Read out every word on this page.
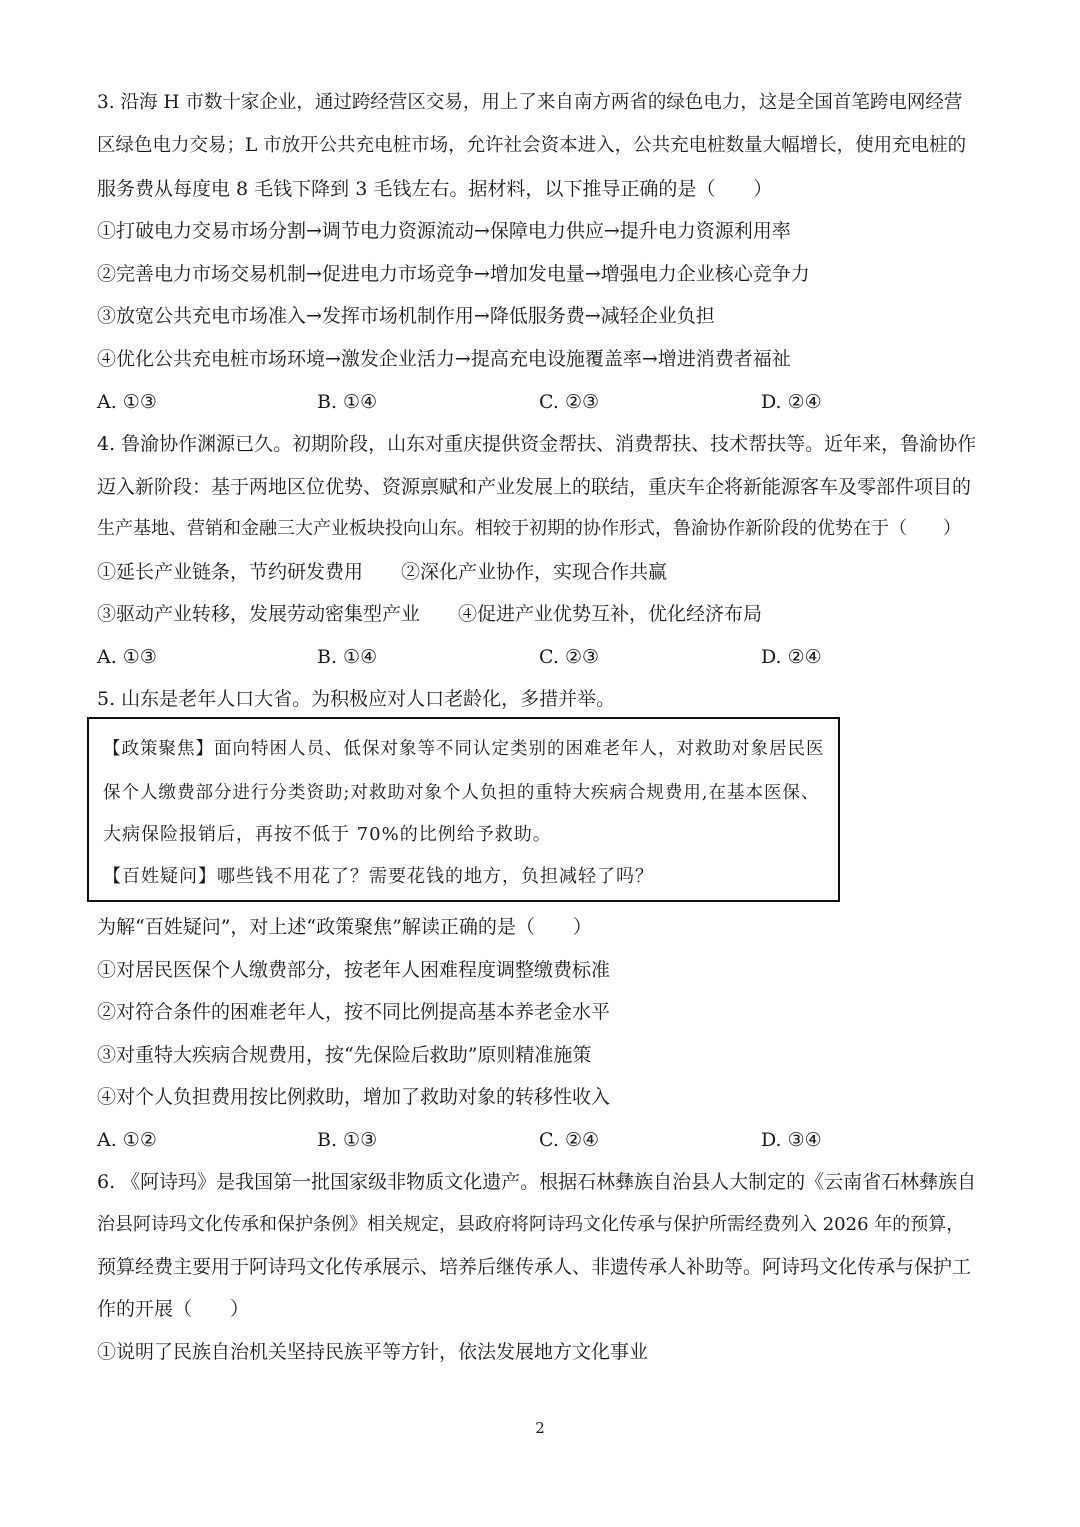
3. 沿海 H 市数十家企业，通过跨经营区交易，用上了来自南方两省的绿色电力，这是全国首笔跨电网经营
区绿色电力交易；L 市放开公共充电桩市场，允许社会资本进入，公共充电桩数量大幅增长，使用充电桩的
服务费从每度电 8 毛钱下降到 3 毛钱左右。据材料，以下推导正确的是（　　）
①打破电力交易市场分割→调节电力资源流动→保障电力供应→提升电力资源利用率
②完善电力市场交易机制→促进电力市场竞争→增加发电量→增强电力企业核心竞争力
③放宽公共充电市场准入→发挥市场机制作用→降低服务费→减轻企业负担
④优化公共充电桩市场环境→激发企业活力→提高充电设施覆盖率→增进消费者福祉
A. ①③	B. ①④	C. ②③	D. ②④
4. 鲁渝协作渊源已久。初期阶段，山东对重庆提供资金帮扶、消费帮扶、技术帮扶等。近年来，鲁渝协作
迈入新阶段：基于两地区位优势、资源禀赋和产业发展上的联结，重庆车企将新能源客车及零部件项目的
生产基地、营销和金融三大产业板块投向山东。相较于初期的协作形式，鲁渝协作新阶段的优势在于（　　）
①延长产业链条，节约研发费用　　②深化产业协作，实现合作共赢
③驱动产业转移，发展劳动密集型产业　　④促进产业优势互补，优化经济布局
A. ①③	B. ①④	C. ②③	D. ②④
5. 山东是老年人口大省。为积极应对人口老龄化，多措并举。
【政策聚焦】面向特困人员、低保对象等不同认定类别的困难老年人，对救助对象居民医
保个人缴费部分进行分类资助;对救助对象个人负担的重特大疾病合规费用,在基本医保、
大病保险报销后，再按不低于 70%的比例给予救助。
【百姓疑问】哪些钱不用花了？需要花钱的地方，负担减轻了吗？
为解“百姓疑问”，对上述“政策聚焦”解读正确的是（　　）
①对居民医保个人缴费部分，按老年人困难程度调整缴费标准
②对符合条件的困难老年人，按不同比例提高基本养老金水平
③对重特大疾病合规费用，按“先保险后救助”原则精准施策
④对个人负担费用按比例救助，增加了救助对象的转移性收入
A. ①②	B. ①③	C. ②④	D. ③④
6. 《阿诗玛》是我国第一批国家级非物质文化遗产。根据石林彝族自治县人大制定的《云南省石林彝族自
治县阿诗玛文化传承和保护条例》相关规定，县政府将阿诗玛文化传承与保护所需经费列入 2026 年的预算，
预算经费主要用于阿诗玛文化传承展示、培养后继传承人、非遗传承人补助等。阿诗玛文化传承与保护工
作的开展（　　）
①说明了民族自治机关坚持民族平等方针，依法发展地方文化事业
2
